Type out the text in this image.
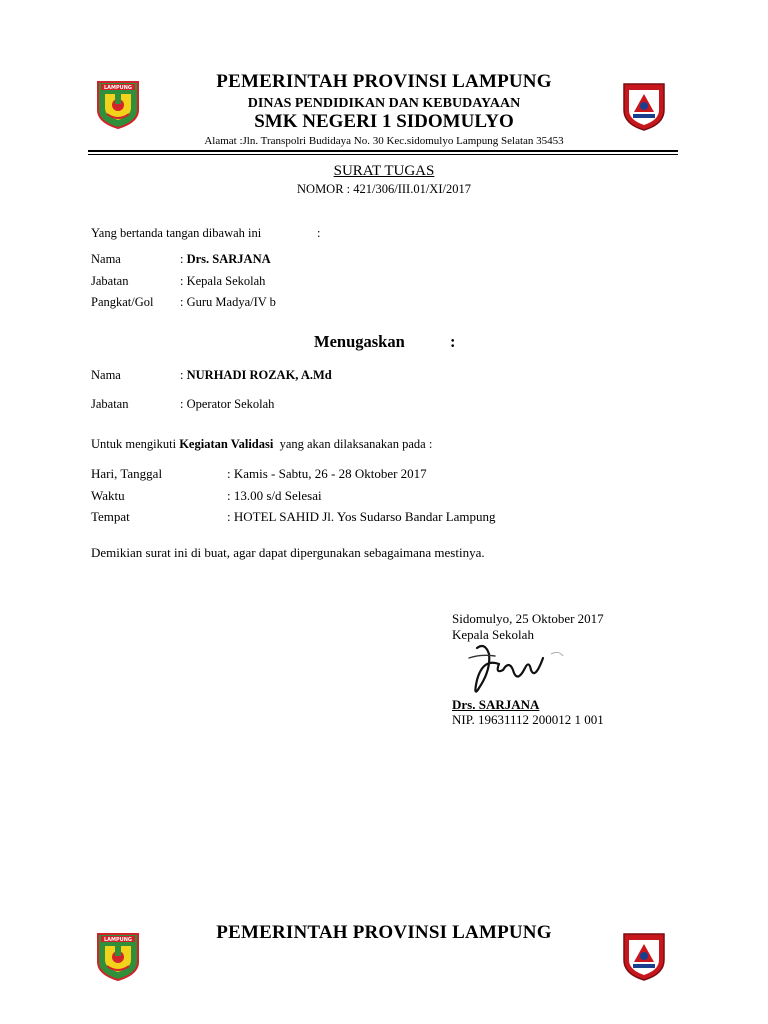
LAMPUNG	PEMERINTAH PROVINSI LAMPUNG
DINAS PENDIDIKAN DAN KEBUDAYAAN
SMK NEGERI 1 SIDOMULYO
Alamat :Jln. Transpolri Budidaya No. 30 Kec.sidomulyo Lampung Selatan 35453
SURAT TUGAS
NOMOR : 421/306/III.01/XI/2017
Yang bertanda tangan dibawah ini	:
Nama	: Drs. SARJANA
Jabatan	: Kepala Sekolah
Pangkat/Gol : Guru Madya/IV b
Menugaskan	:
Nama	: NURHADI ROZAK, A.Md
Jabatan	: Operator Sekolah
Untuk mengikuti Kegiatan Validasi yang akan dilaksanakan pada :
Hari, Tanggal	: Kamis - Sabtu, 26 - 28 Oktober 2017
Waktu	: 13.00 s/d Selesai
Tempat	: HOTEL SAHID Jl. Yos Sudarso Bandar Lampung
Demikian surat ini di buat, agar dapat dipergunakan sebagaimana mestinya.
Sidomulyo, 25 Oktober 2017
Kepala Sekolah
Drs. SARJANA
NIP. 19631112 200012 1 001
LAMPUNG	PEMERINTAH PROVINSI LAMPUNG
